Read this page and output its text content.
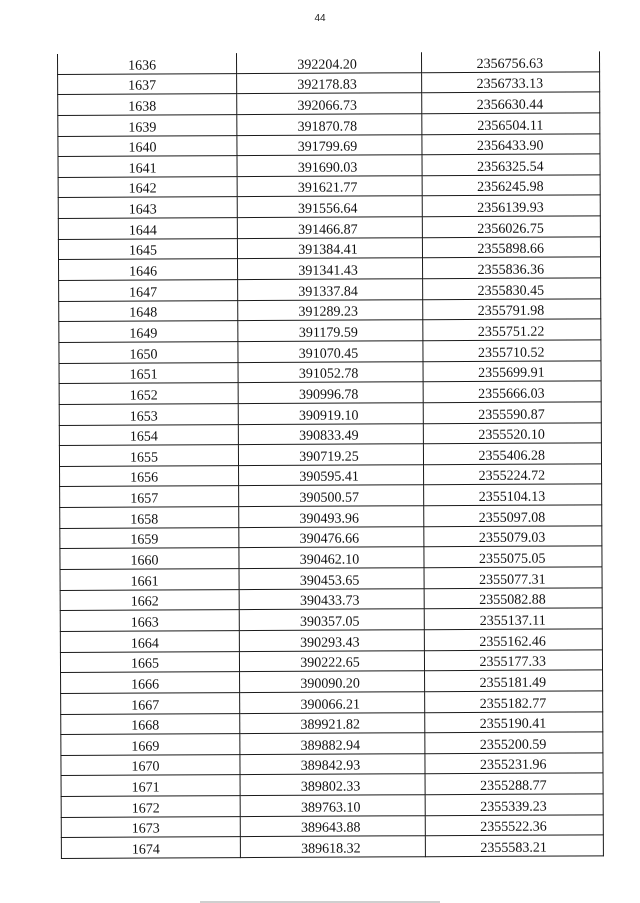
44
1636	392204.20	2356756.63
1637	392178.83	2356733.13
1638	392066.73	2356630.44
1639	391870.78	2356504.11
1640	391799.69	2356433.90
1641	391690.03	2356325.54
1642	391621.77	2356245.98
1643	391556.64	2356139.93
1644	391466.87	2356026.75
1645	391384.41	2355898.66
1646	391341.43	2355836.36
1647	391337.84	2355830.45
1648	391289.23	2355791.98
1649	391179.59	2355751.22
1650	391070.45	2355710.52
1651	391052.78	2355699.91
1652	390996.78	2355666.03
1653	390919.10	2355590.87
1654	390833.49	2355520.10
1655	390719.25	2355406.28
1656	390595.41	2355224.72
1657	390500.57	2355104.13
1658	390493.96	2355097.08
1659	390476.66	2355079.03
1660	390462.10	2355075.05
1661	390453.65	2355077.31
1662	390433.73	2355082.88
1663	390357.05	2355137.11
1664	390293.43	2355162.46
1665	390222.65	2355177.33
1666	390090.20	2355181.49
1667	390066.21	2355182.77
1668	389921.82	2355190.41
1669	389882.94	2355200.59
1670	389842.93	2355231.96
1671	389802.33	2355288.77
1672	389763.10	2355339.23
1673	389643.88	2355522.36
1674	389618.32	2355583.21
